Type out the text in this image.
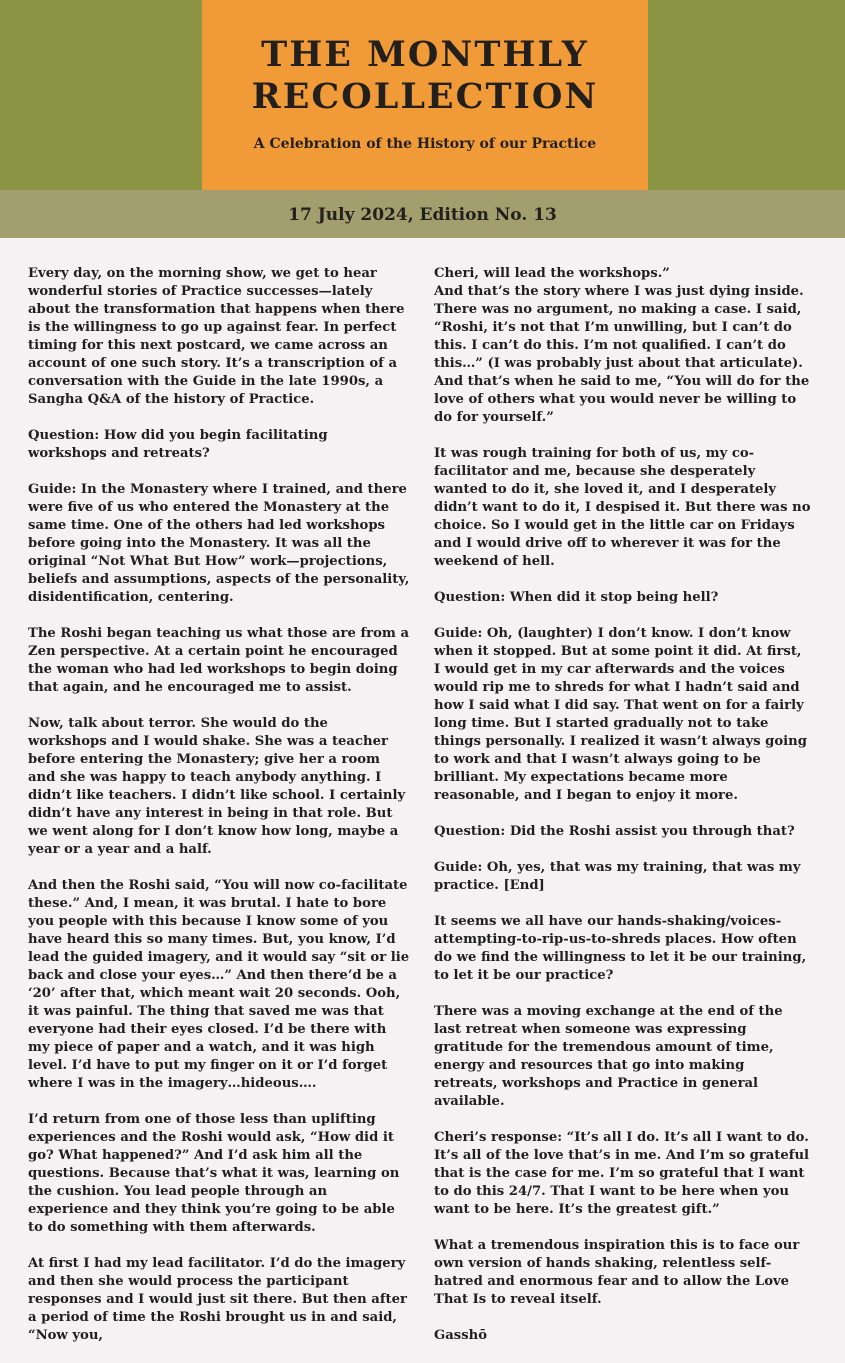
THE MONTHLY
RECOLLECTION
A Celebration of the History of our Practice
17 July 2024, Edition No. 13

Every day, on the morning show, we get to hear wonderful stories of Practice successes—lately about the transformation that happens when there is the willingness to go up against fear. In perfect timing for this next postcard, we came across an account of one such story. It’s a transcription of a conversation with the Guide in the late 1990s, a Sangha Q&A of the history of Practice.

Question: How did you begin facilitating workshops and retreats?

Guide: In the Monastery where I trained, and there were five of us who entered the Monastery at the same time. One of the others had led workshops before going into the Monastery. It was all the original “Not What But How” work—projections, beliefs and assumptions, aspects of the personality, disidentification, centering.

The Roshi began teaching us what those are from a Zen perspective. At a certain point he encouraged the woman who had led workshops to begin doing that again, and he encouraged me to assist.

Now, talk about terror. She would do the workshops and I would shake. She was a teacher before entering the Monastery; give her a room and she was happy to teach anybody anything. I didn’t like teachers. I didn’t like school. I certainly didn’t have any interest in being in that role. But we went along for I don’t know how long, maybe a year or a year and a half.

And then the Roshi said, “You will now co-facilitate these.” And, I mean, it was brutal. I hate to bore you people with this because I know some of you have heard this so many times. But, you know, I’d lead the guided imagery, and it would say “sit or lie back and close your eyes…” And then there’d be a ‘20’ after that, which meant wait 20 seconds. Ooh, it was painful. The thing that saved me was that everyone had their eyes closed. I’d be there with my piece of paper and a watch, and it was high level. I’d have to put my finger on it or I’d forget where I was in the imagery…hideous….

I’d return from one of those less than uplifting experiences and the Roshi would ask, “How did it go? What happened?” And I’d ask him all the questions. Because that’s what it was, learning on the cushion. You lead people through an experience and they think you’re going to be able to do something with them afterwards.

At first I had my lead facilitator. I’d do the imagery and then she would process the participant responses and I would just sit there. But then after a period of time the Roshi brought us in and said, “Now you,

Cheri, will lead the workshops.”

And that’s the story where I was just dying inside. There was no argument, no making a case. I said, “Roshi, it’s not that I’m unwilling, but I can’t do this. I can’t do this. I’m not qualified. I can’t do this…” (I was probably just about that articulate). And that’s when he said to me, “You will do for the love of others what you would never be willing to do for yourself.”

It was rough training for both of us, my co-facilitator and me, because she desperately wanted to do it, she loved it, and I desperately didn’t want to do it, I despised it. But there was no choice. So I would get in the little car on Fridays and I would drive off to wherever it was for the weekend of hell.

Question: When did it stop being hell?

Guide: Oh, (laughter) I don’t know. I don’t know when it stopped. But at some point it did. At first, I would get in my car afterwards and the voices would rip me to shreds for what I hadn’t said and how I said what I did say. That went on for a fairly long time. But I started gradually not to take things personally. I realized it wasn’t always going to work and that I wasn’t always going to be brilliant. My expectations became more reasonable, and I began to enjoy it more.

Question: Did the Roshi assist you through that?

Guide: Oh, yes, that was my training, that was my practice. [End]

It seems we all have our hands-shaking/voices-attempting-to-rip-us-to-shreds places. How often do we find the willingness to let it be our training, to let it be our practice?

There was a moving exchange at the end of the last retreat when someone was expressing gratitude for the tremendous amount of time, energy and resources that go into making retreats, workshops and Practice in general available.

Cheri’s response: “It’s all I do. It’s all I want to do. It’s all of the love that’s in me. And I’m so grateful that is the case for me. I’m so grateful that I want to do this 24/7. That I want to be here when you want to be here. It’s the greatest gift.”

What a tremendous inspiration this is to face our own version of hands shaking, relentless self-hatred and enormous fear and to allow the Love That Is to reveal itself.

Gasshō
